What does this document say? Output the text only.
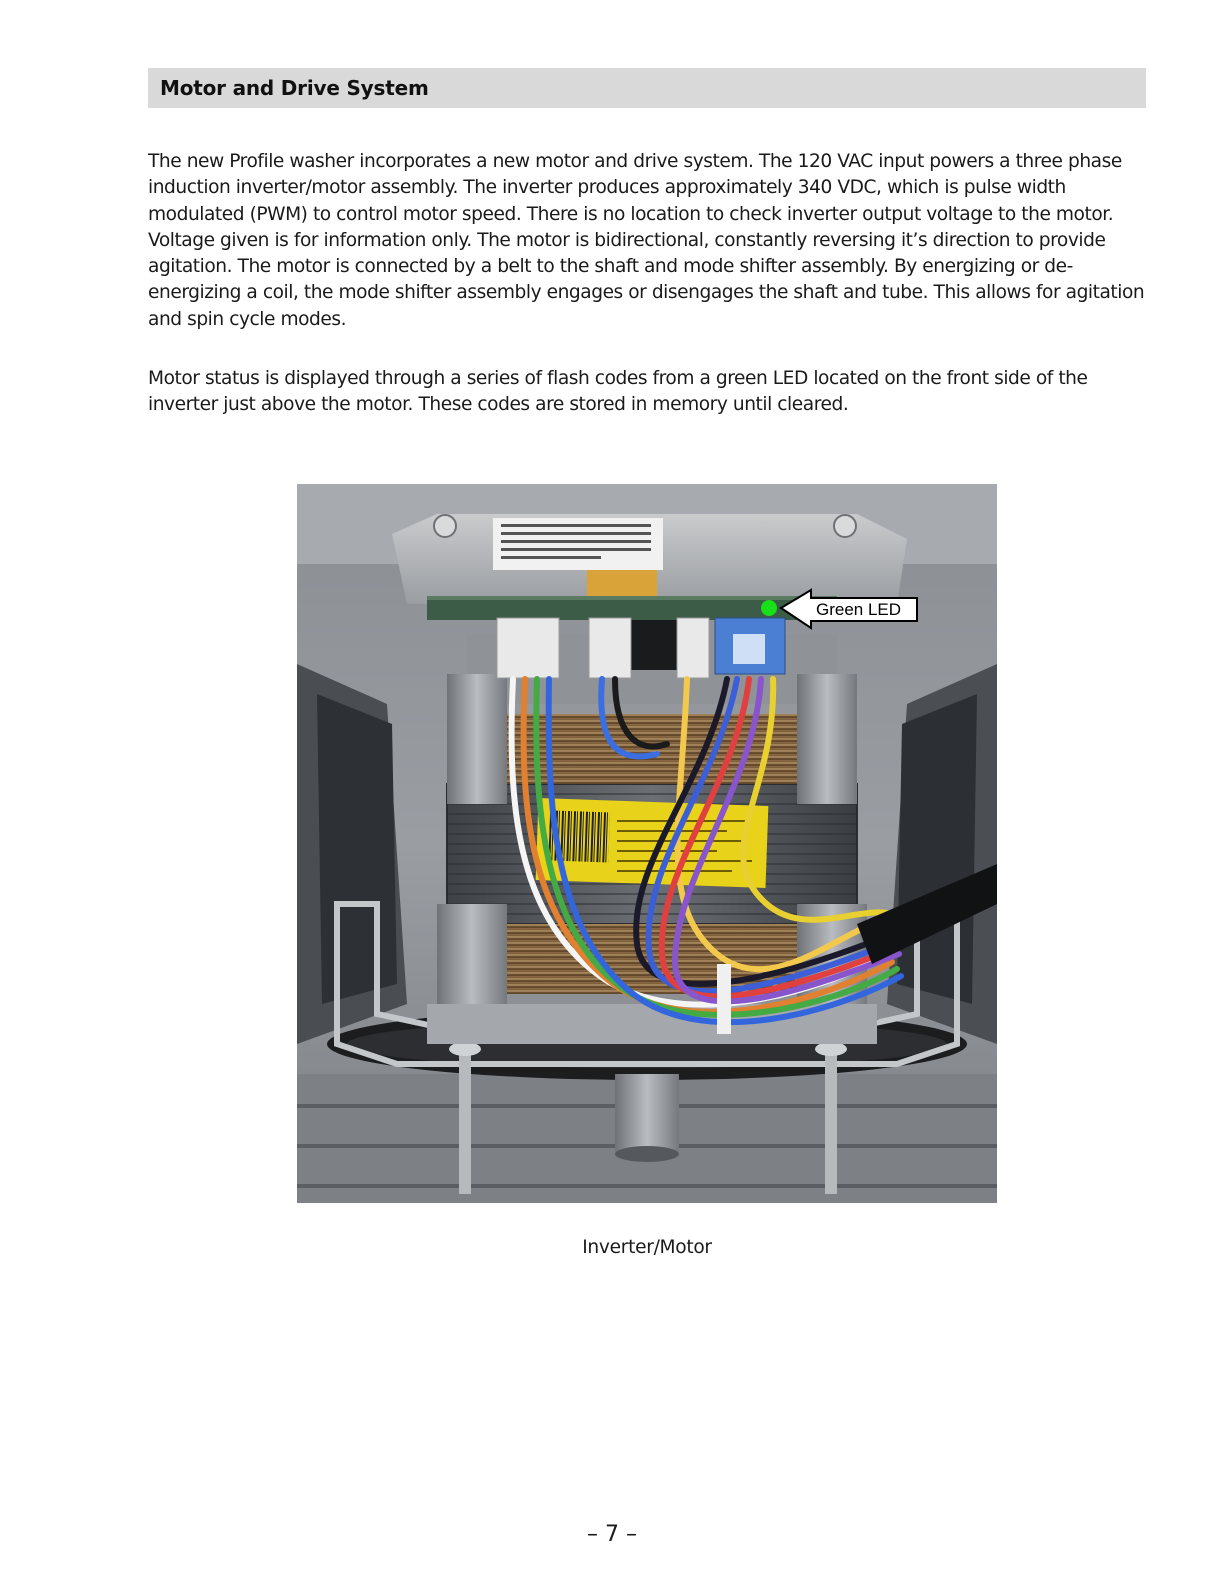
Motor and Drive System

The new Profile washer incorporates a new motor and drive system. The 120 VAC input powers a three phase induction inverter/motor assembly. The inverter produces approximately 340 VDC, which is pulse width modulated (PWM) to control motor speed. There is no location to check inverter output voltage to the motor. Voltage given is for information only. The motor is bidirectional, constantly reversing it’s direction to provide agitation. The motor is connected by a belt to the shaft and mode shifter assembly. By energizing or de-energizing a coil, the mode shifter assembly engages or disengages the shaft and tube. This allows for agitation and spin cycle modes.

Motor status is displayed through a series of flash codes from a green LED located on the front side of the inverter just above the motor. These codes are stored in memory until cleared.

Green LED
Inverter/Motor
– 7 –
